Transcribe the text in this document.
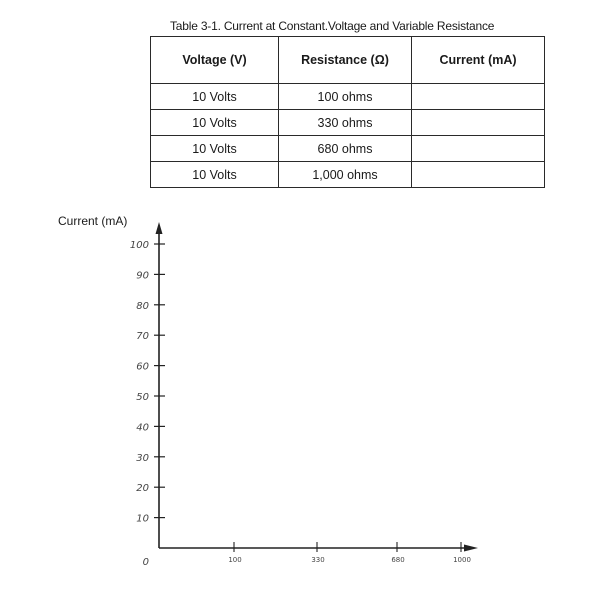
Table 3-1. Current at Constant.Voltage and Variable Resistance
Voltage (V)	Resistance (Ω)	Current (mA)
10 Volts	100 ohms	
10 Volts	330 ohms	
10 Volts	680 ohms	
10 Volts	1,000 ohms	
Current (mA)
0
10
20
30
40
50
60
70
80
90
100
100	330	680	1000
